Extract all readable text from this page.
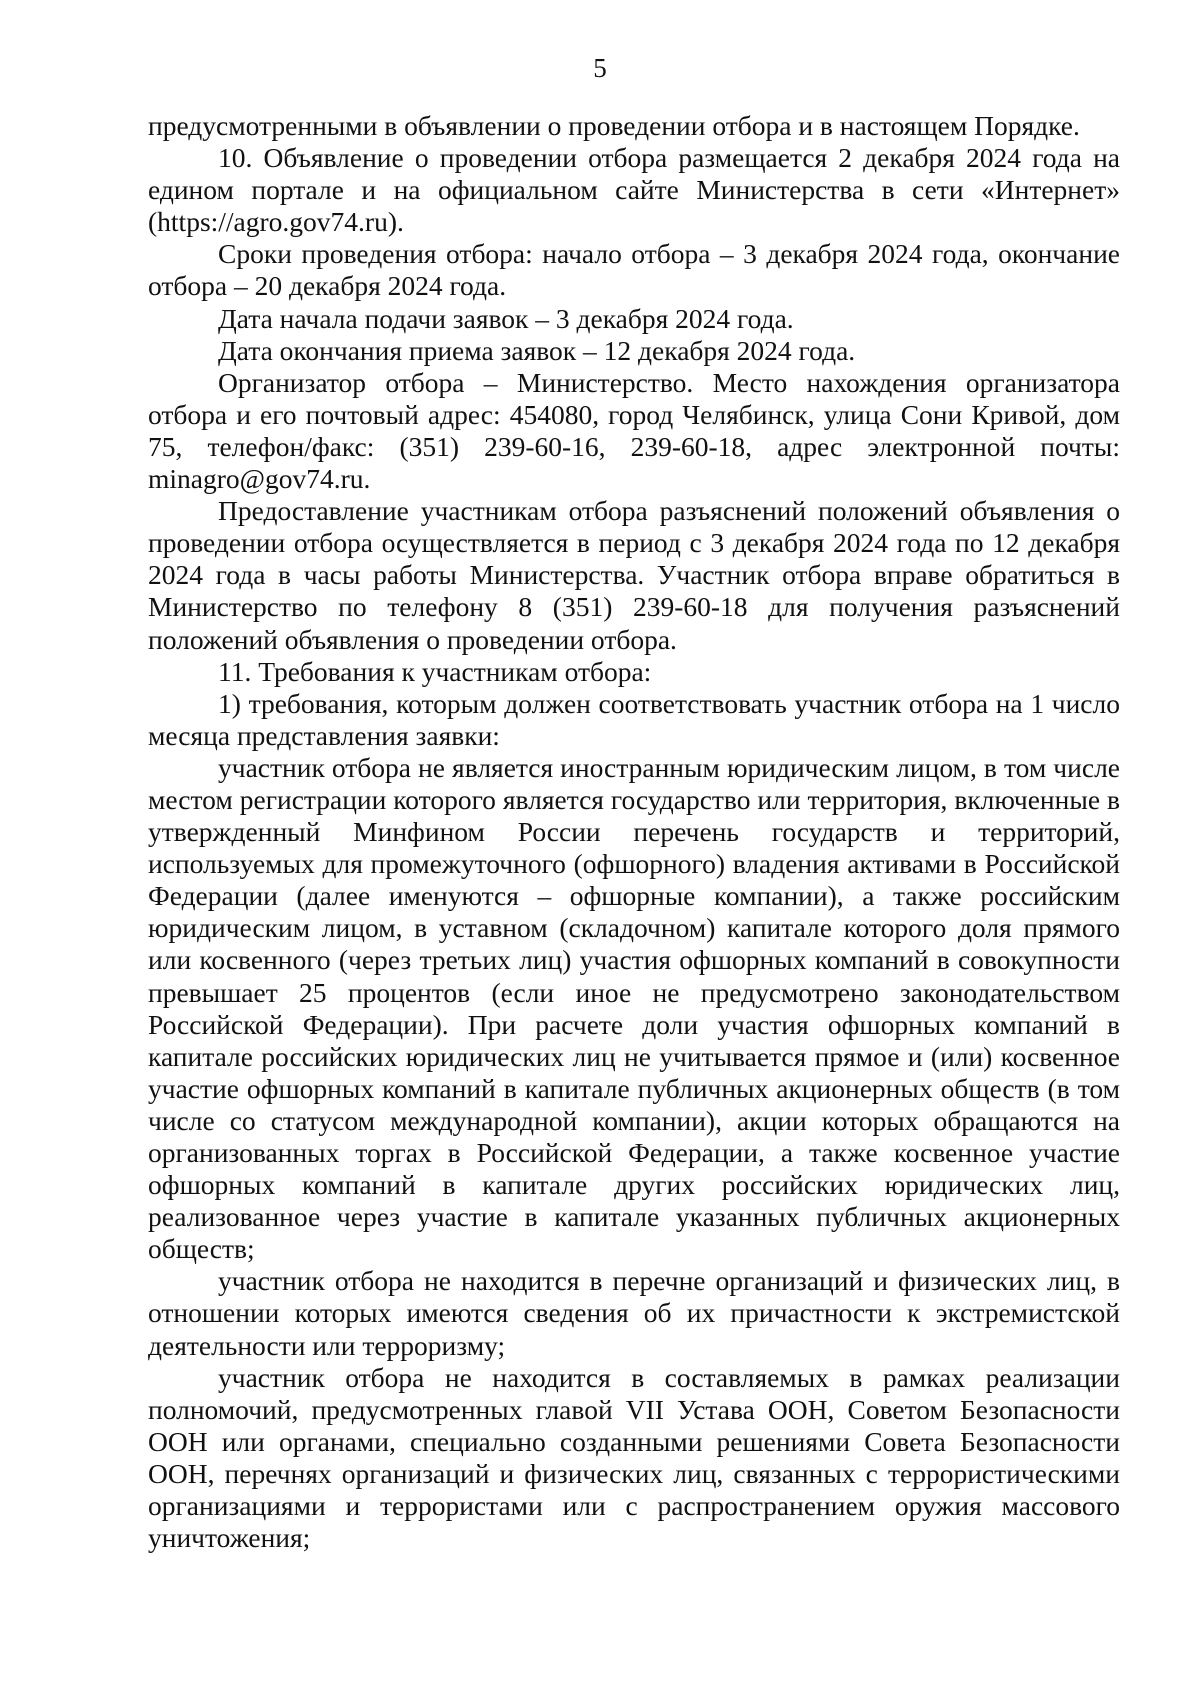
5

предусмотренными в объявлении о проведении отбора и в настоящем Порядке.

10. Объявление о проведении отбора размещается 2 декабря 2024 года на едином портале и на официальном сайте Министерства в сети «Интернет» (https://agro.gov74.ru).

Сроки проведения отбора: начало отбора – 3 декабря 2024 года, окончание отбора – 20 декабря 2024 года.

Дата начала подачи заявок – 3 декабря 2024 года.

Дата окончания приема заявок – 12 декабря 2024 года.

Организатор отбора – Министерство. Место нахождения организатора отбора и его почтовый адрес: 454080, город Челябинск, улица Сони Кривой, дом 75, телефон/факс: (351) 239-60-16, 239-60-18, адрес электронной почты: minagro@gov74.ru.

Предоставление участникам отбора разъяснений положений объявления о проведении отбора осуществляется в период с 3 декабря 2024 года по 12 декабря 2024 года в часы работы Министерства. Участник отбора вправе обратиться в Министерство по телефону 8 (351) 239-60-18 для получения разъяснений положений объявления о проведении отбора.

11. Требования к участникам отбора:

1) требования, которым должен соответствовать участник отбора на 1 число месяца представления заявки:

участник отбора не является иностранным юридическим лицом, в том числе местом регистрации которого является государство или территория, включенные в утвержденный Минфином России перечень государств и территорий, используемых для промежуточного (офшорного) владения активами в Российской Федерации (далее именуются – офшорные компании), а также российским юридическим лицом, в уставном (складочном) капитале которого доля прямого или косвенного (через третьих лиц) участия офшорных компаний в совокупности превышает 25 процентов (если иное не предусмотрено законодательством Российской Федерации). При расчете доли участия офшорных компаний в капитале российских юридических лиц не учитывается прямое и (или) косвенное участие офшорных компаний в капитале публичных акционерных обществ (в том числе со статусом международной компании), акции которых обращаются на организованных торгах в Российской Федерации, а также косвенное участие офшорных компаний в капитале других российских юридических лиц, реализованное через участие в капитале указанных публичных акционерных обществ;

участник отбора не находится в перечне организаций и физических лиц, в отношении которых имеются сведения об их причастности к экстремистской деятельности или терроризму;

участник отбора не находится в составляемых в рамках реализации полномочий, предусмотренных главой VII Устава ООН, Советом Безопасности ООН или органами, специально созданными решениями Совета Безопасности ООН, перечнях организаций и физических лиц, связанных с террористическими организациями и террористами или с распространением оружия массового уничтожения;
